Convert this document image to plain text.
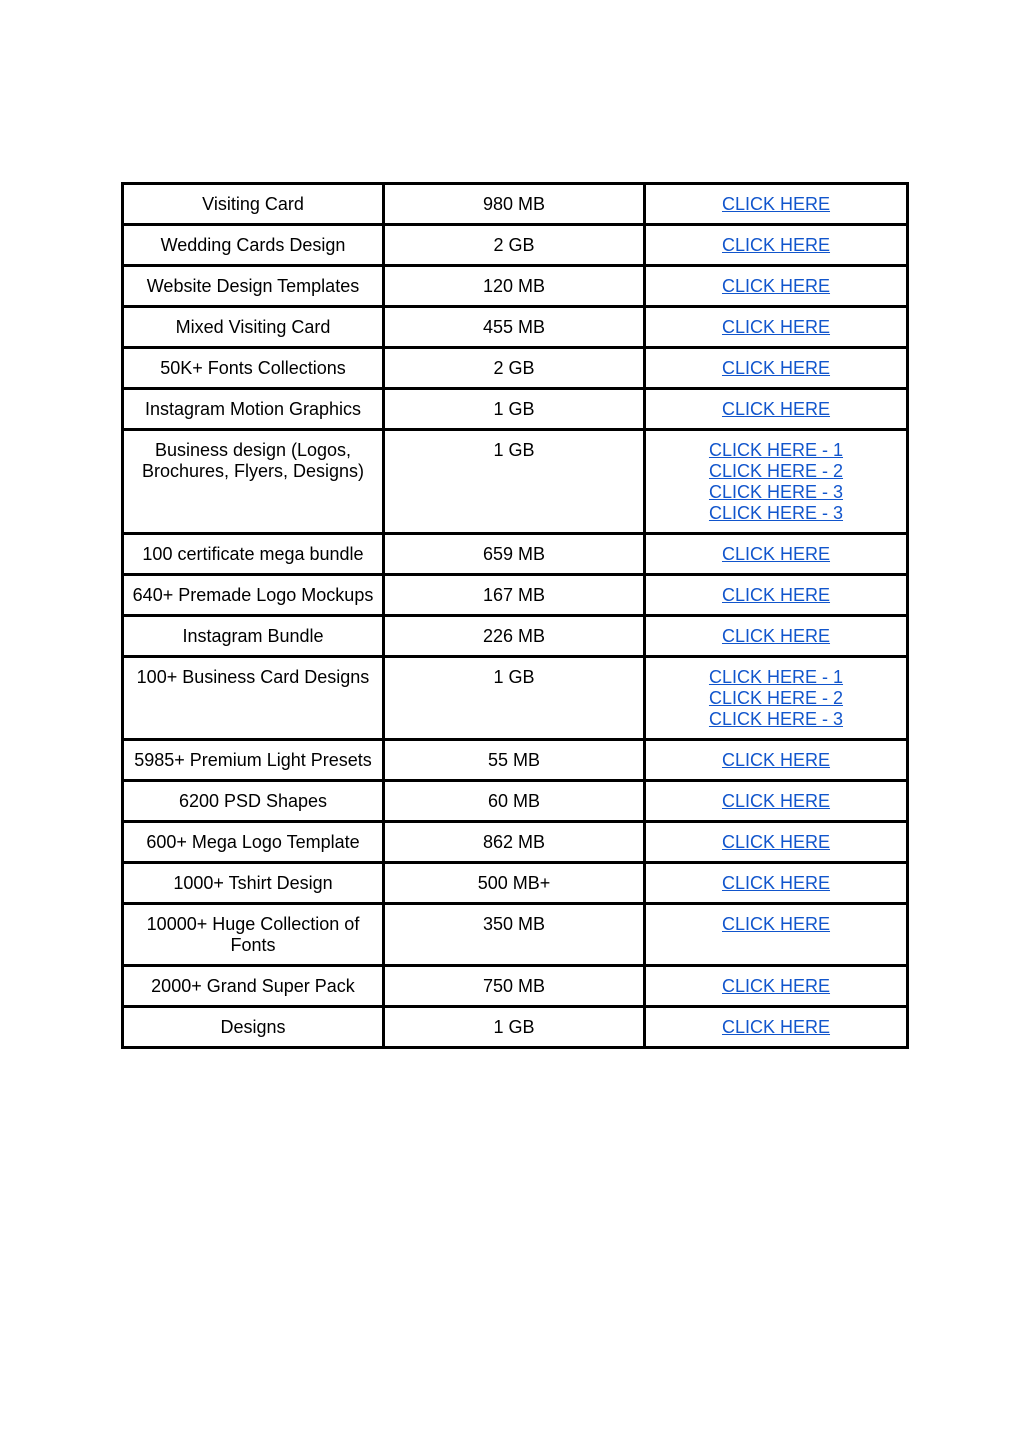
Visiting Card	980 MB	CLICK HERE

Wedding Cards Design	2 GB	CLICK HERE

Website Design Templates	120 MB	CLICK HERE

Mixed Visiting Card	455 MB	CLICK HERE

50K+ Fonts Collections	2 GB	CLICK HERE

Instagram Motion Graphics	1 GB	CLICK HERE

Business design (Logos, Brochures, Flyers, Designs)	1 GB	CLICK HERE - 1
CLICK HERE - 2
CLICK HERE - 3
CLICK HERE - 3

100 certificate mega bundle	659 MB	CLICK HERE

640+ Premade Logo Mockups	167 MB	CLICK HERE

Instagram Bundle	226 MB	CLICK HERE

100+ Business Card Designs	1 GB	CLICK HERE - 1
CLICK HERE - 2
CLICK HERE - 3

5985+ Premium Light Presets	55 MB	CLICK HERE

6200 PSD Shapes	60 MB	CLICK HERE

600+ Mega Logo Template	862 MB	CLICK HERE

1000+ Tshirt Design	500 MB+	CLICK HERE

10000+ Huge Collection of Fonts	350 MB	CLICK HERE

2000+ Grand Super Pack	750 MB	CLICK HERE

Designs	1 GB	CLICK HERE
